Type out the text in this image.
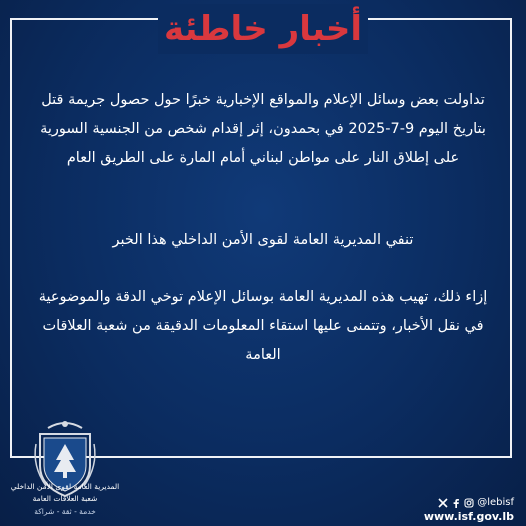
أخبار خاطئة

تداولت بعض وسائل الإعلام والمواقع الإخبارية خبرًا حول حصول جريمة قتل بتاريخ اليوم 9-7-2025 في بحمدون، إثر إقدام شخص من الجنسية السورية على إطلاق النار على مواطن لبناني أمام المارة على الطريق العام

تنفي المديرية العامة لقوى الأمن الداخلي هذا الخبر

إزاء ذلك، تهيب هذه المديرية العامة بوسائل الإعلام توخي الدقة والموضوعية في نقل الأخبار، وتتمنى عليها استقاء المعلومات الدقيقة من شعبة العلاقات العامة

المديرية العامة لقوى الأمن الداخلي
شعبة العلاقات العامة
خدمة - ثقة - شراكة
@lebisf
www.isf.gov.lb
